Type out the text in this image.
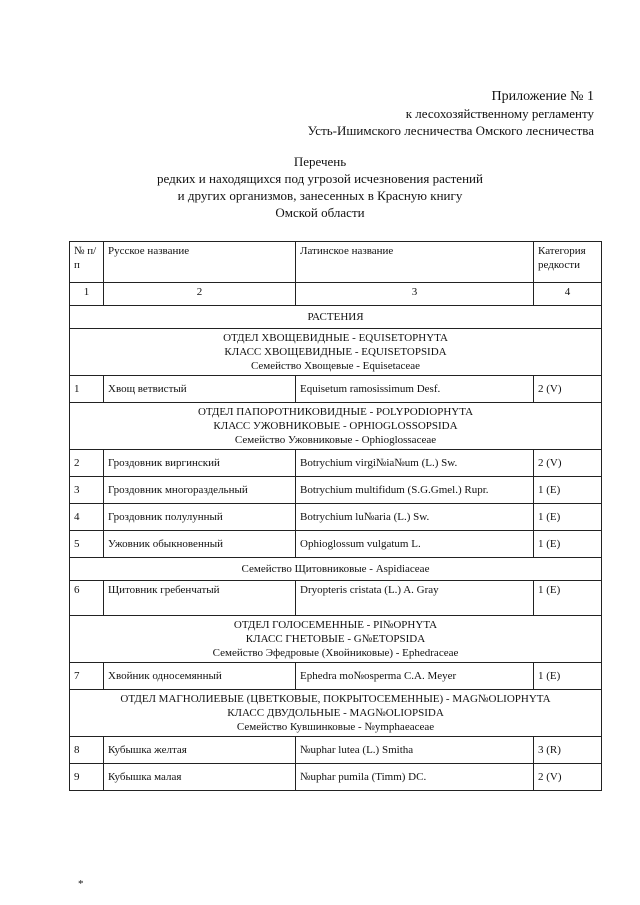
Приложение № 1
к лесохозяйственному регламенту
Усть-Ишимского лесничества Омского лесничества
Перечень
редких и находящихся под угрозой исчезновения растений
и других организмов, занесенных в Красную книгу
Омской области
№ п/п	Русское название	Латинское название	Категория редкости
1	2	3	4
РАСТЕНИЯ			

ОТДЕЛ ХВОЩЕВИДНЫЕ - EQUISETOPHYTA
КЛАСС ХВОЩЕВИДНЫЕ - EQUISETOPSIDA
Семейство Хвощевые - Equisetaceae			

1	Хвощ ветвистый	Equisetum ramosissimum Desf.	2 (V)

ОТДЕЛ ПАПОРОТНИКОВИДНЫЕ - POLYPODIOPHYTA
КЛАСС УЖОВНИКОВЫЕ - OPHIOGLOSSOPSIDA
Семейство Ужовниковые - Ophioglossaceae			

2	Гроздовник виргинский	Botrychium virgi№ia№um (L.) Sw.	2 (V)
3	Гроздовник многораздельный	Botrychium multifidum (S.G.Gmel.) Rupr.	1 (E)
4	Гроздовник полулунный	Botrychium lu№aria (L.) Sw.	1 (E)
5	Ужовник обыкновенный	Ophioglossum vulgatum L.	1 (E)
Семейство Щитовниковые - Aspidiaceae			
6	Щитовник гребенчатый	Dryopteris cristata (L.) A. Gray	1 (E)

ОТДЕЛ ГОЛОСЕМЕННЫЕ - PI№OPHYTA
КЛАСС ГНЕТОВЫЕ - G№ETOPSIDA
Семейство Эфедровые (Хвойниковые) - Ephedraceae			

7	Хвойник односемянный	Ephedra mo№osperma C.A. Meyer	1 (E)

ОТДЕЛ МАГНОЛИЕВЫЕ (ЦВЕТКОВЫЕ, ПОКРЫТОСЕМЕННЫЕ) - MAG№OLIOPHYTA
КЛАСС ДВУДОЛЬНЫЕ - MAG№OLIOPSIDA
Семейство Кувшинковые - №ymphaeaceae			

8	Кубышка желтая	№uphar lutea (L.) Smitha	3 (R)
9	Кубышка малая	№uphar pumila (Timm) DC.	2 (V)
*
